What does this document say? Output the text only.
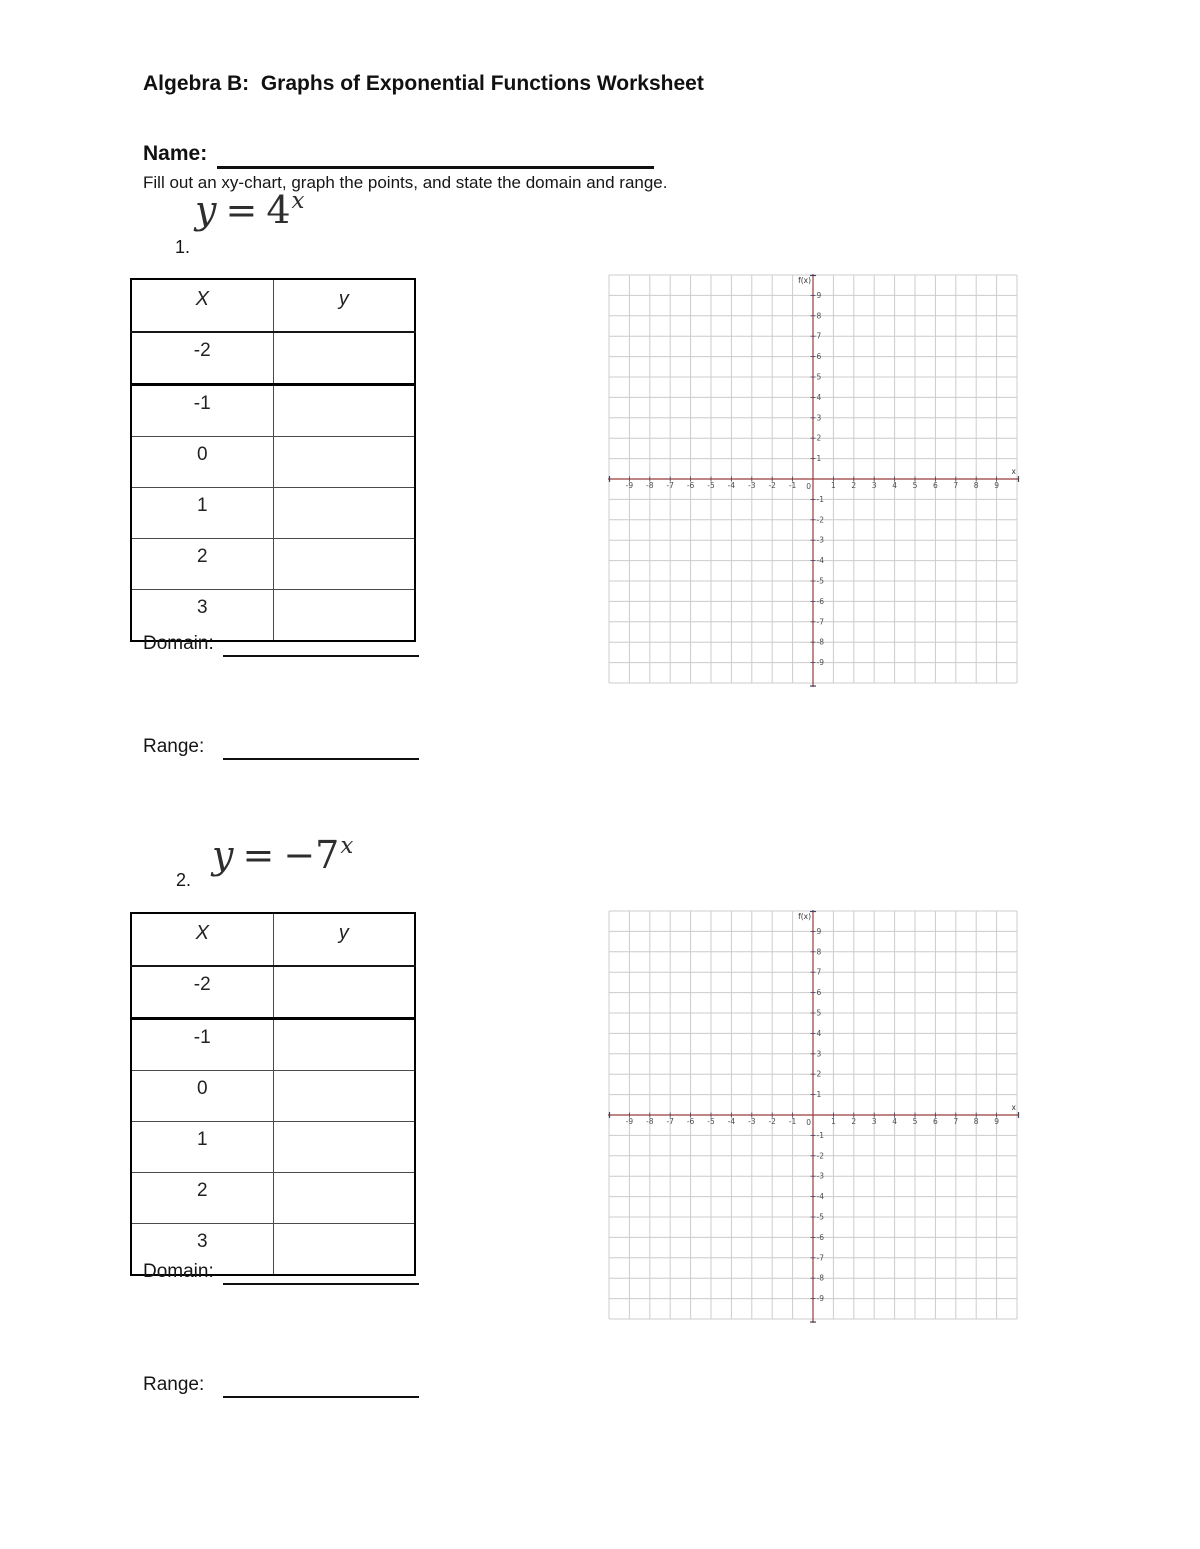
Algebra B:  Graphs of Exponential Functions Worksheet
Name:
Fill out an xy-chart, graph the points, and state the domain and range.
$y = 4^x$
1.
X	y
-2	
-1	
0	
1	
2	
3	
-9 -8 -7 -6 -5 -4 -3 -2 -1	1 2 3 4 5 6 7 8 9
9
8
7
6
5
4
3
2
1
-1
-2
-3
-4
-5
-6
-7
-8
-9
0
f(x)
x
Domain:
Range:
$y = -7^x$
2.
X	y
-2	
-1	
0	
1	
2	
3	
-9 -8 -7 -6 -5 -4 -3 -2 -1	1 2 3 4 5 6 7 8 9
9
8
7
6
5
4
3
2
1
-1
-2
-3
-4
-5
-6
-7
-8
-9
0
f(x)
x
Domain:
Range:
